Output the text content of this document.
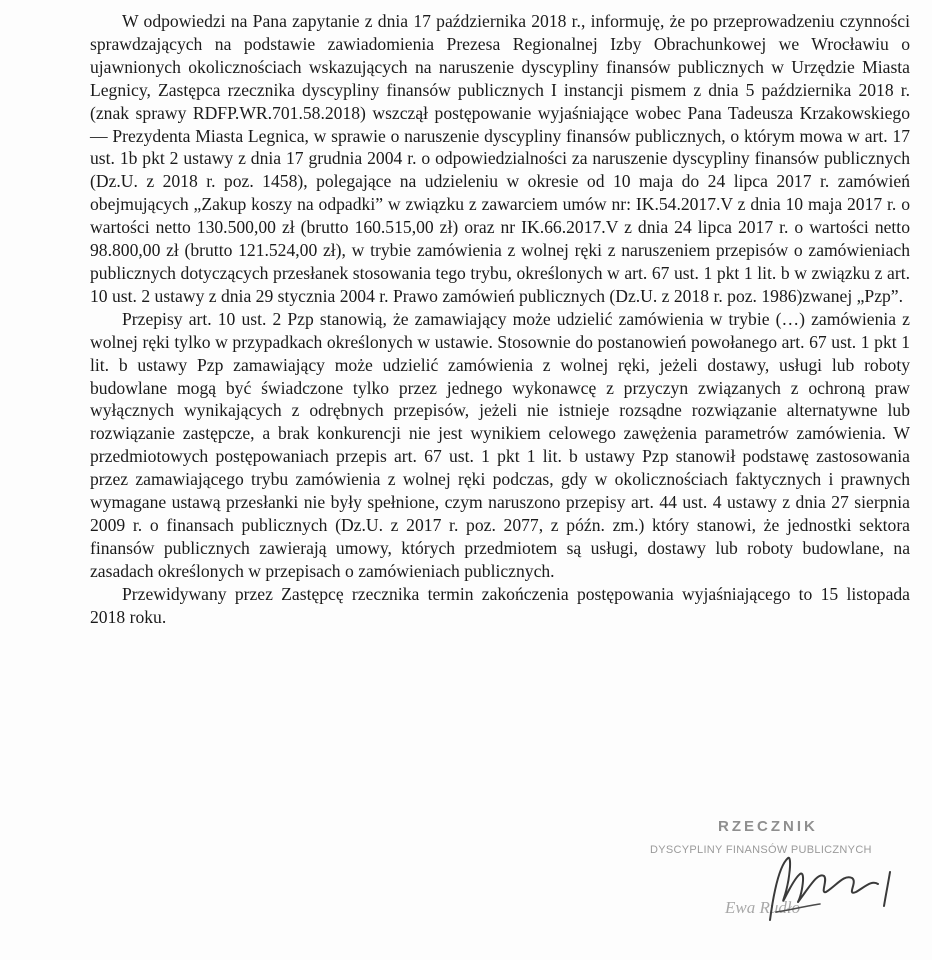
W odpowiedzi na Pana zapytanie z dnia 17 października 2018 r., informuję, że po przeprowadzeniu czynności sprawdzających na podstawie zawiadomienia Prezesa Regionalnej Izby Obrachunkowej we Wrocławiu o ujawnionych okolicznościach wskazujących na naruszenie dyscypliny finansów publicznych w Urzędzie Miasta Legnicy, Zastępca rzecznika dyscypliny finansów publicznych I instancji pismem z dnia 5 października 2018 r. (znak sprawy RDFP.WR.701.58.2018) wszczął postępowanie wyjaśniające wobec Pana Tadeusza Krzakowskiego — Prezydenta Miasta Legnica, w sprawie o naruszenie dyscypliny finansów publicznych, o którym mowa w art. 17 ust. 1b pkt 2 ustawy z dnia 17 grudnia 2004 r. o odpowiedzialności za naruszenie dyscypliny finansów publicznych (Dz.U. z 2018 r. poz. 1458), polegające na udzieleniu w okresie od 10 maja do 24 lipca 2017 r. zamówień obejmujących „Zakup koszy na odpadki” w związku z zawarciem umów nr: IK.54.2017.V z dnia 10 maja 2017 r. o wartości netto 130.500,00 zł (brutto 160.515,00 zł) oraz nr IK.66.2017.V z dnia 24 lipca 2017 r. o wartości netto 98.800,00 zł (brutto 121.524,00 zł), w trybie zamówienia z wolnej ręki z naruszeniem przepisów o zamówieniach publicznych dotyczących przesłanek stosowania tego trybu, określonych w art. 67 ust. 1 pkt 1 lit. b w związku z art. 10 ust. 2 ustawy z dnia 29 stycznia 2004 r. Prawo zamówień publicznych (Dz.U. z 2018 r. poz. 1986)zwanej „Pzp”.

Przepisy art. 10 ust. 2 Pzp stanowią, że zamawiający może udzielić zamówienia w trybie (…) zamówienia z wolnej ręki tylko w przypadkach określonych w ustawie. Stosownie do postanowień powołanego art. 67 ust. 1 pkt 1 lit. b ustawy Pzp zamawiający może udzielić zamówienia z wolnej ręki, jeżeli dostawy, usługi lub roboty budowlane mogą być świadczone tylko przez jednego wykonawcę z przyczyn związanych z ochroną praw wyłącznych wynikających z odrębnych przepisów, jeżeli nie istnieje rozsądne rozwiązanie alternatywne lub rozwiązanie zastępcze, a brak konkurencji nie jest wynikiem celowego zawężenia parametrów zamówienia. W przedmiotowych postępowaniach przepis art. 67 ust. 1 pkt 1 lit. b ustawy Pzp stanowił podstawę zastosowania przez zamawiającego trybu zamówienia z wolnej ręki podczas, gdy w okolicznościach faktycznych i prawnych wymagane ustawą przesłanki nie były spełnione, czym naruszono przepisy art. 44 ust. 4 ustawy z dnia 27 sierpnia 2009 r. o finansach publicznych (Dz.U. z 2017 r. poz. 2077, z późn. zm.) który stanowi, że jednostki sektora finansów publicznych zawierają umowy, których przedmiotem są usługi, dostawy lub roboty budowlane, na zasadach określonych w przepisach o zamówieniach publicznych.

Przewidywany przez Zastępcę rzecznika termin zakończenia postępowania wyjaśniającego to 15 listopada 2018 roku.

RZECZNIK
DYSCYPLINY FINANSÓW PUBLICZNYCH
Ewa Rudło
